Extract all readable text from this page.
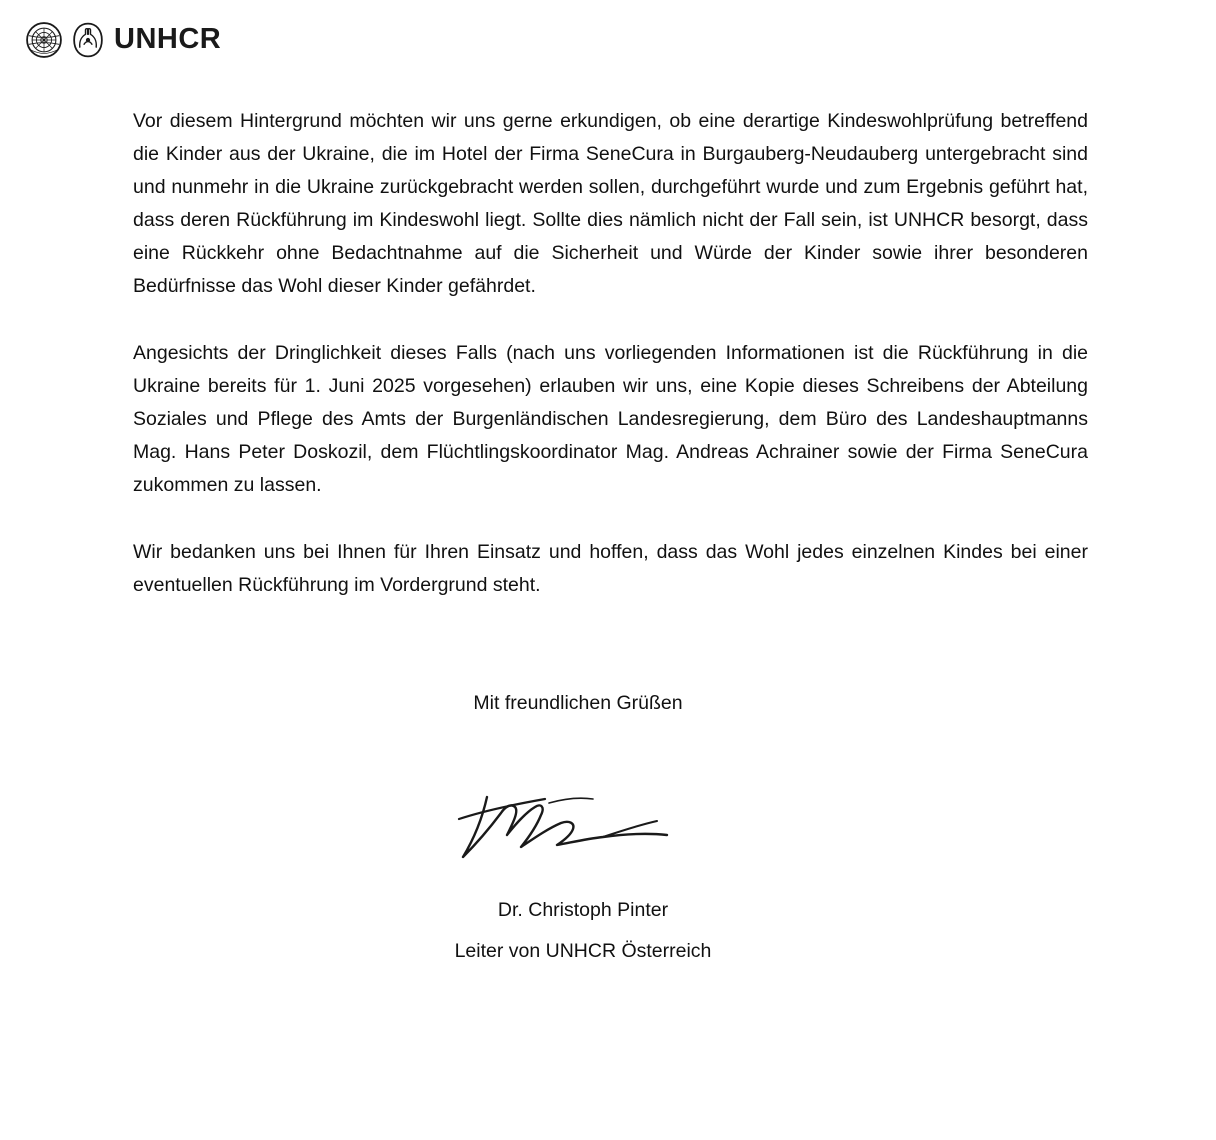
UNHCR

Vor diesem Hintergrund möchten wir uns gerne erkundigen, ob eine derartige Kindeswohlprüfung betreffend die Kinder aus der Ukraine, die im Hotel der Firma SeneCura in Burgauberg-Neudauberg untergebracht sind und nunmehr in die Ukraine zurückgebracht werden sollen, durchgeführt wurde und zum Ergebnis geführt hat, dass deren Rückführung im Kindeswohl liegt. Sollte dies nämlich nicht der Fall sein, ist UNHCR besorgt, dass eine Rückkehr ohne Bedachtnahme auf die Sicherheit und Würde der Kinder sowie ihrer besonderen Bedürfnisse das Wohl dieser Kinder gefährdet.

Angesichts der Dringlichkeit dieses Falls (nach uns vorliegenden Informationen ist die Rückführung in die Ukraine bereits für 1. Juni 2025 vorgesehen) erlauben wir uns, eine Kopie dieses Schreibens der Abteilung Soziales und Pflege des Amts der Burgenländischen Landesregierung, dem Büro des Landeshauptmanns Mag. Hans Peter Doskozil, dem Flüchtlingskoordinator Mag. Andreas Achrainer sowie der Firma SeneCura zukommen zu lassen.

Wir bedanken uns bei Ihnen für Ihren Einsatz und hoffen, dass das Wohl jedes einzelnen Kindes bei einer eventuellen Rückführung im Vordergrund steht.

Mit freundlichen Grüßen
Dr. Christoph Pinter
Leiter von UNHCR Österreich
